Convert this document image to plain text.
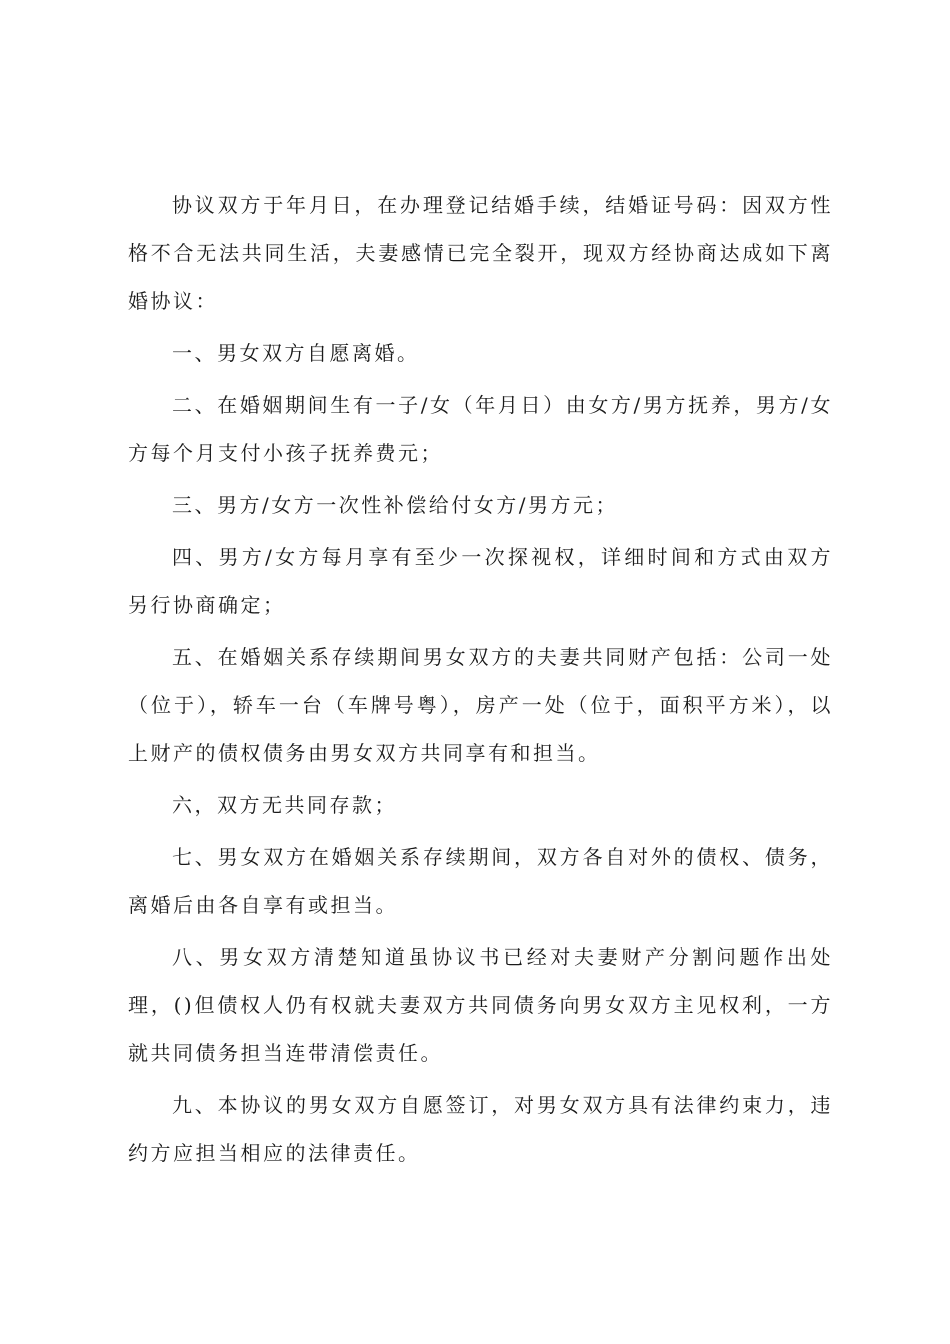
协议双方于年月日，在办理登记结婚手续，结婚证号码：因双方性格不合无法共同生活，夫妻感情已完全裂开，现双方经协商达成如下离婚协议：

一、男女双方自愿离婚。

二、在婚姻期间生有一子/女（年月日）由女方/男方抚养，男方/女方每个月支付小孩子抚养费元；

三、男方/女方一次性补偿给付女方/男方元；

四、男方/女方每月享有至少一次探视权，详细时间和方式由双方另行协商确定；

五、在婚姻关系存续期间男女双方的夫妻共同财产包括：公司一处（位于），轿车一台（车牌号粤），房产一处（位于，面积平方米），以上财产的债权债务由男女双方共同享有和担当。

六，双方无共同存款；

七、男女双方在婚姻关系存续期间，双方各自对外的债权、债务，离婚后由各自享有或担当。

八、男女双方清楚知道虽协议书已经对夫妻财产分割问题作出处理，()但债权人仍有权就夫妻双方共同债务向男女双方主见权利，一方就共同债务担当连带清偿责任。

九、本协议的男女双方自愿签订，对男女双方具有法律约束力，违约方应担当相应的法律责任。
